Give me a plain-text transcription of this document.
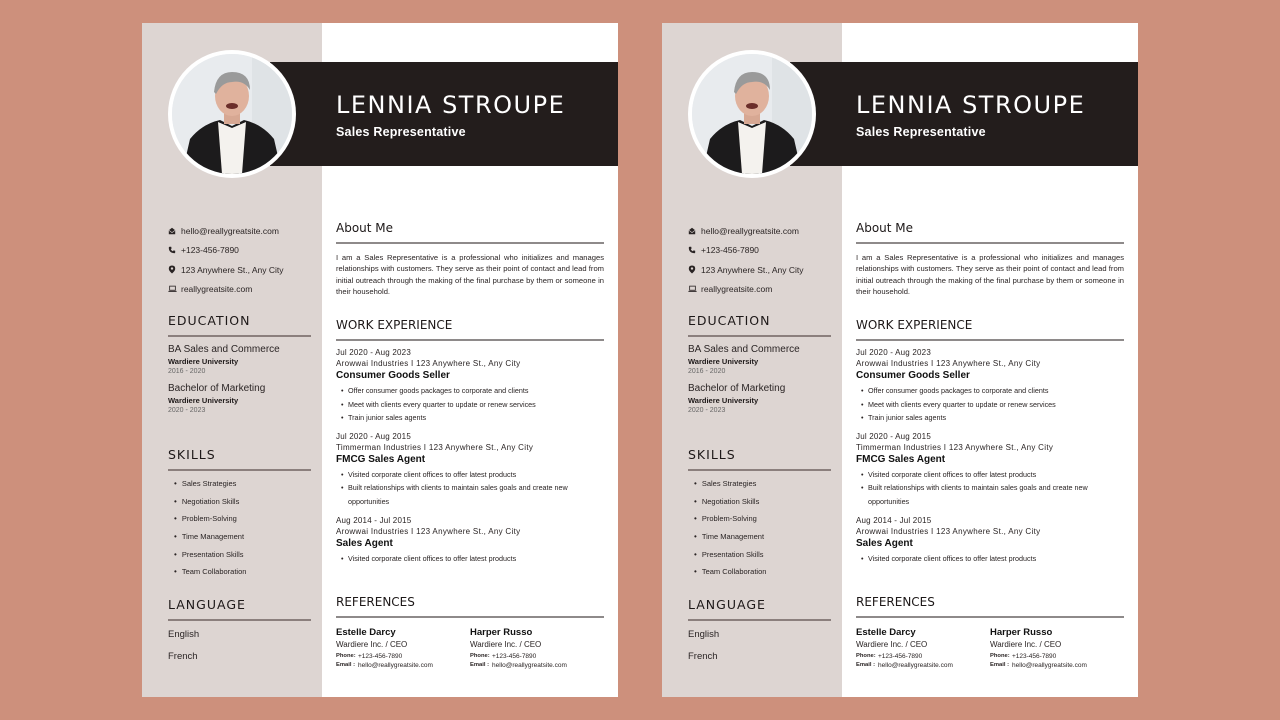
LENNIA STROUPE
Sales Representative
hello@reallygreatsite.com
+123-456-7890
123 Anywhere St., Any City
reallygreatsite.com
EDUCATION
BA Sales and Commerce
Wardiere University
2016 - 2020
Bachelor of Marketing
Wardiere University
2020 - 2023
SKILLS
• Sales Strategies
• Negotiation Skills
• Problem-Solving
• Time Management
• Presentation Skills
• Team Collaboration
LANGUAGE
English
French
About Me
I am a Sales Representative is a professional who initializes and manages relationships with customers. They serve as their point of contact and lead from initial outreach through the making of the final purchase by them or someone in their household.
WORK EXPERIENCE
Jul 2020 - Aug 2023
Arowwai Industries I 123 Anywhere St., Any City
Consumer Goods Seller
• Offer consumer goods packages to corporate and clients
• Meet with clients every quarter to update or renew services
• Train junior sales agents
Jul 2020 - Aug 2015
Timmerman Industries I 123 Anywhere St., Any City
FMCG Sales Agent
• Visited corporate client offices to offer latest products
• Built relationships with clients to maintain sales goals and create new opportunities
Aug 2014 - Jul 2015
Arowwai Industries I 123 Anywhere St., Any City
Sales Agent
• Visited corporate client offices to offer latest products
REFERENCES
Estelle Darcy
Wardiere Inc. / CEO
Phone: +123-456-7890
Email : hello@reallygreatsite.com
Harper Russo
Wardiere Inc. / CEO
Phone: +123-456-7890
Email : hello@reallygreatsite.com
LENNIA STROUPE
Sales Representative
hello@reallygreatsite.com
+123-456-7890
123 Anywhere St., Any City
reallygreatsite.com
EDUCATION
BA Sales and Commerce
Wardiere University
2016 - 2020
Bachelor of Marketing
Wardiere University
2020 - 2023
SKILLS
• Sales Strategies
• Negotiation Skills
• Problem-Solving
• Time Management
• Presentation Skills
• Team Collaboration
LANGUAGE
English
French
About Me
I am a Sales Representative is a professional who initializes and manages relationships with customers. They serve as their point of contact and lead from initial outreach through the making of the final purchase by them or someone in their household.
WORK EXPERIENCE
Jul 2020 - Aug 2023
Arowwai Industries I 123 Anywhere St., Any City
Consumer Goods Seller
• Offer consumer goods packages to corporate and clients
• Meet with clients every quarter to update or renew services
• Train junior sales agents
Jul 2020 - Aug 2015
Timmerman Industries I 123 Anywhere St., Any City
FMCG Sales Agent
• Visited corporate client offices to offer latest products
• Built relationships with clients to maintain sales goals and create new opportunities
Aug 2014 - Jul 2015
Arowwai Industries I 123 Anywhere St., Any City
Sales Agent
• Visited corporate client offices to offer latest products
REFERENCES
Estelle Darcy
Wardiere Inc. / CEO
Phone: +123-456-7890
Email : hello@reallygreatsite.com
Harper Russo
Wardiere Inc. / CEO
Phone: +123-456-7890
Email : hello@reallygreatsite.com
